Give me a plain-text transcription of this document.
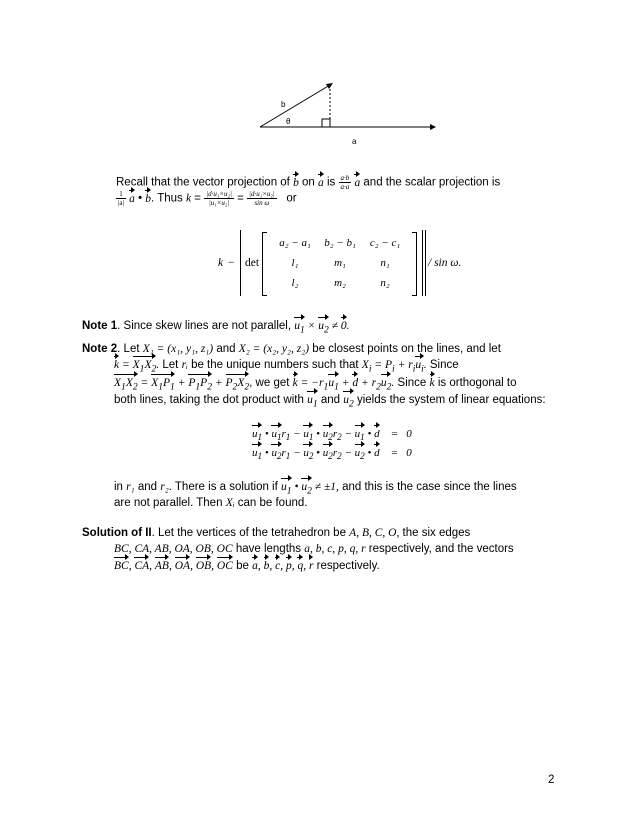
b
θ
a
Recall that the vector projection of b on a is $\frac{a\cdot b}{a\cdot a}$ a and the scalar projection is
$\frac{1}{|a|}$ a • b. Thus $k = \frac{\text{|d·u₁×u₂|}}{\text{|u₁×u₂|}} = \frac{\text{|d·u₁×u₂|}}{\text{sin ω}}$ or
k − det
a₂ − a₁	b₂ − b₁	c₂ − c₁
l₁	m₁	n₁
l₂	m₂	n₂
/ sin ω.
Note 1. Since skew lines are not parallel, $u_1 \times u_2 \ne 0$.
Note 2. Let X₁ = (x₁, y₁, z₁) and X₂ = (x₂, y₂, z₂) be closest points on the lines, and let
$k = X_1X_2$. Let rᵢ be the unique numbers such that $X_i = P_i + r_iu_i$. Since
$X_1X_2 = X_1P_1 + P_1P_2 + P_2X_2$, we get $k = -r_1u_1 + d + r_2u_2$. Since k is orthogonal to
both lines, taking the dot product with $u_1$ and $u_2$ yields the system of linear equations:
$u_1$ • $u_1r_1 - u_1$ • $u_2r_2 - u_1$ • d    =   0
$u_1$ • $u_2r_1 - u_2$ • $u_2r_2 - u_2$ • d    =   0
in r₁ and r₂. There is a solution if $u_1$ • $u_2 \ne \pm 1$, and this is the case since the lines
are not parallel. Then Xᵢ can be found.
Solution of II. Let the vertices of the tetrahedron be A, B, C, O, the six edges
BC, CA, AB, OA, OB, OC have lengths a, b, c, p, q, r respectively, and the vectors
BC, CA, AB, OA, OB, OC be a, b, c, p, q, r respectively.
2
